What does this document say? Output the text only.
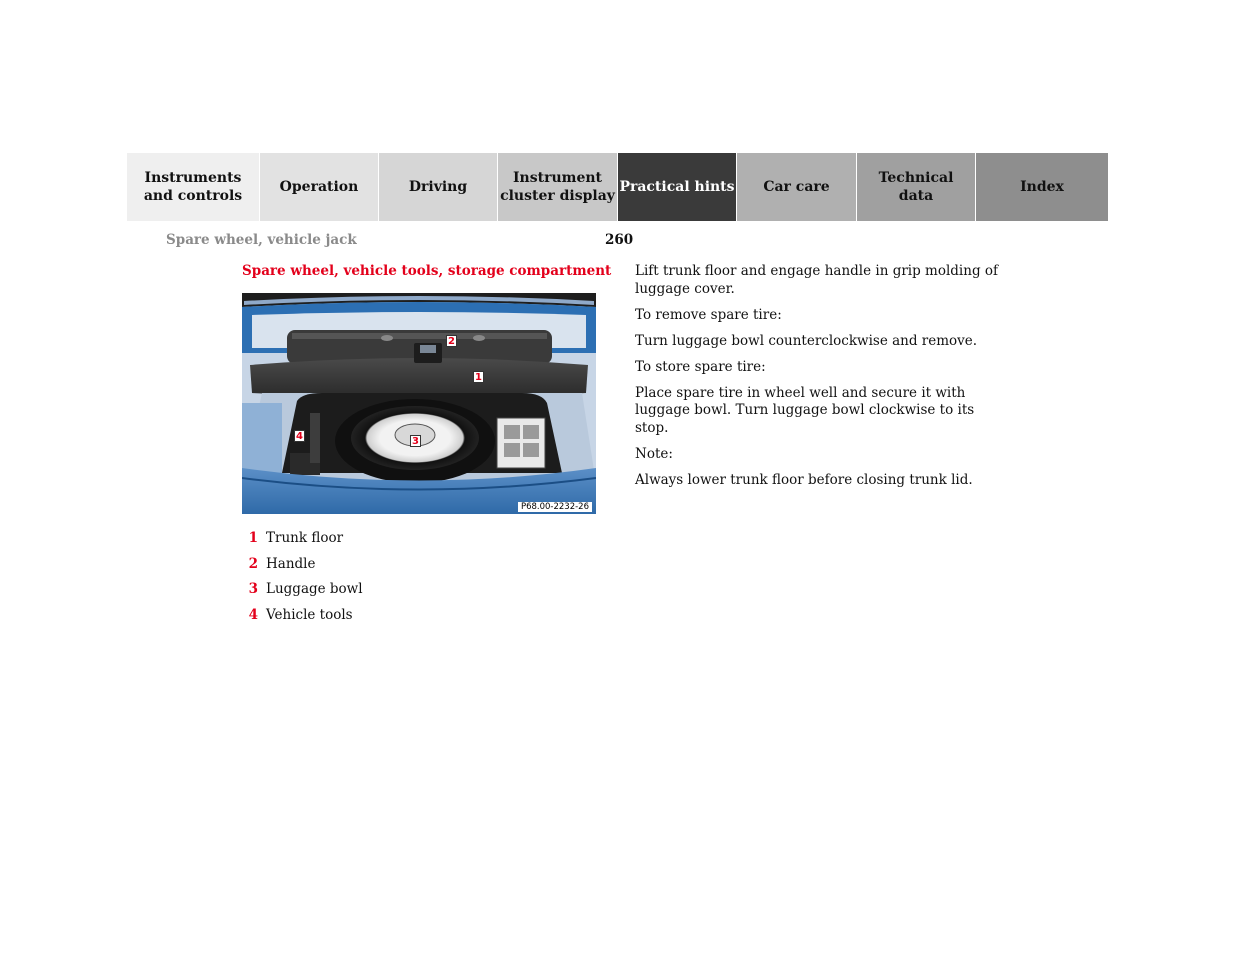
Instruments
and controls
Operation	Driving
Instrument
cluster display
Practical hints	Car care
Technical
data
Index
Spare wheel, vehicle jack	260
Spare wheel, vehicle tools, storage compartment
2
1
4	3
P68.00-2232-26
1 Trunk floor
2 Handle
3 Luggage bowl
4 Vehicle tools

Lift trunk floor and engage handle in grip molding of luggage cover.

To remove spare tire:

Turn luggage bowl counterclockwise and remove.

To store spare tire:

Place spare tire in wheel well and secure it with luggage bowl. Turn luggage bowl clockwise to its stop.

Note:

Always lower trunk floor before closing trunk lid.
